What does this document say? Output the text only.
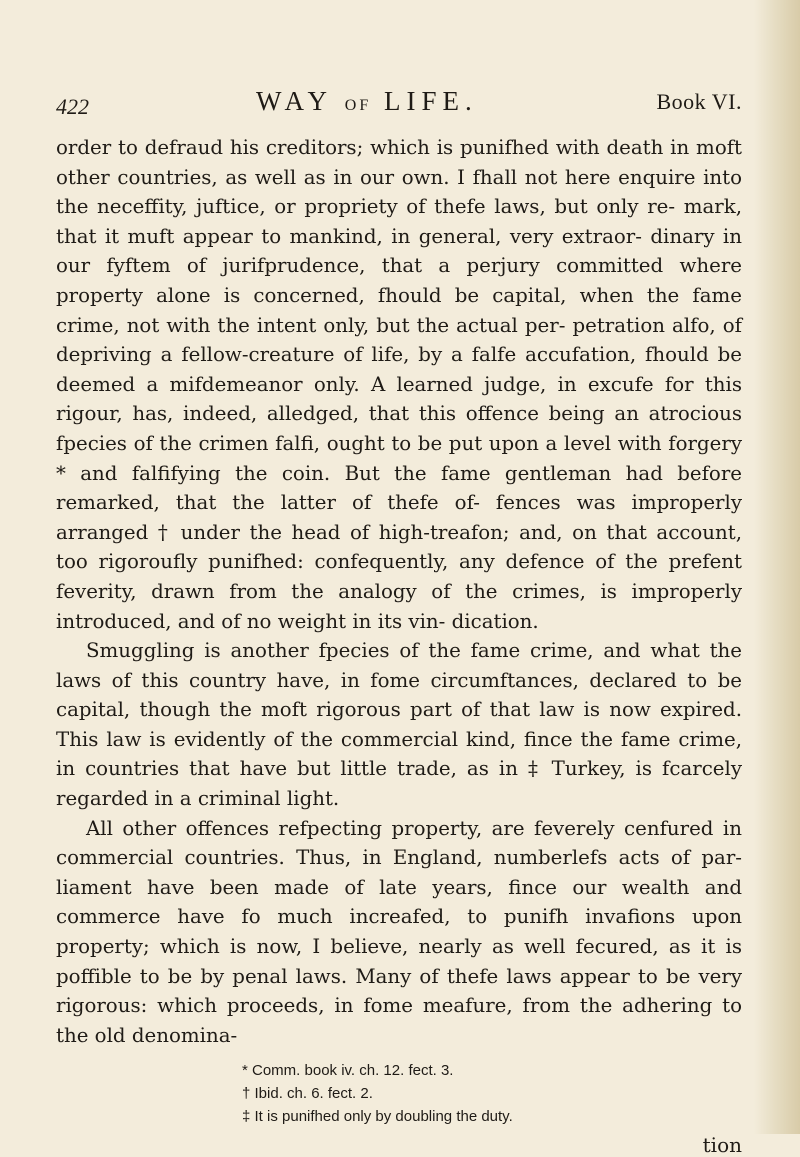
422	WAY OF LIFE.	Book VI.

order to defraud his creditors; which is punifhed with death in moft other countries, as well as in our own. I fhall not here enquire into the neceffity, juftice, or propriety of thefe laws, but only re- mark, that it muft appear to mankind, in general, very extraor- dinary in our fyftem of jurifprudence, that a perjury committed where property alone is concerned, fhould be capital, when the fame crime, not with the intent only, but the actual per- petration alfo, of depriving a fellow-creature of life, by a falfe accufation, fhould be deemed a mifdemeanor only. A learned judge, in excufe for this rigour, has, indeed, alledged, that this offence being an atrocious fpecies of the crimen falfi, ought to be put upon a level with forgery * and falfifying the coin. But the fame gentleman had before remarked, that the latter of thefe of- fences was improperly arranged † under the head of high-treafon; and, on that account, too rigoroufly punifhed: confequently, any defence of the prefent feverity, drawn from the analogy of the crimes, is improperly introduced, and of no weight in its vin- dication.

Smuggling is another fpecies of the fame crime, and what the laws of this country have, in fome circumftances, declared to be capital, though the moft rigorous part of that law is now expired. This law is evidently of the commercial kind, fince the fame crime, in countries that have but little trade, as in ‡ Turkey, is fcarcely regarded in a criminal light.

All other offences refpecting property, are feverely cenfured in commercial countries. Thus, in England, numberlefs acts of par- liament have been made of late years, fince our wealth and commerce have fo much increafed, to punifh invafions upon property; which is now, I believe, nearly as well fecured, as it is poffible to be by penal laws. Many of thefe laws appear to be very rigorous: which proceeds, in fome meafure, from the adhering to the old denomina-

* Comm. book iv. ch. 12. fect. 3.
† Ibid. ch. 6. fect. 2.
‡ It is punifhed only by doubling the duty.
tion
